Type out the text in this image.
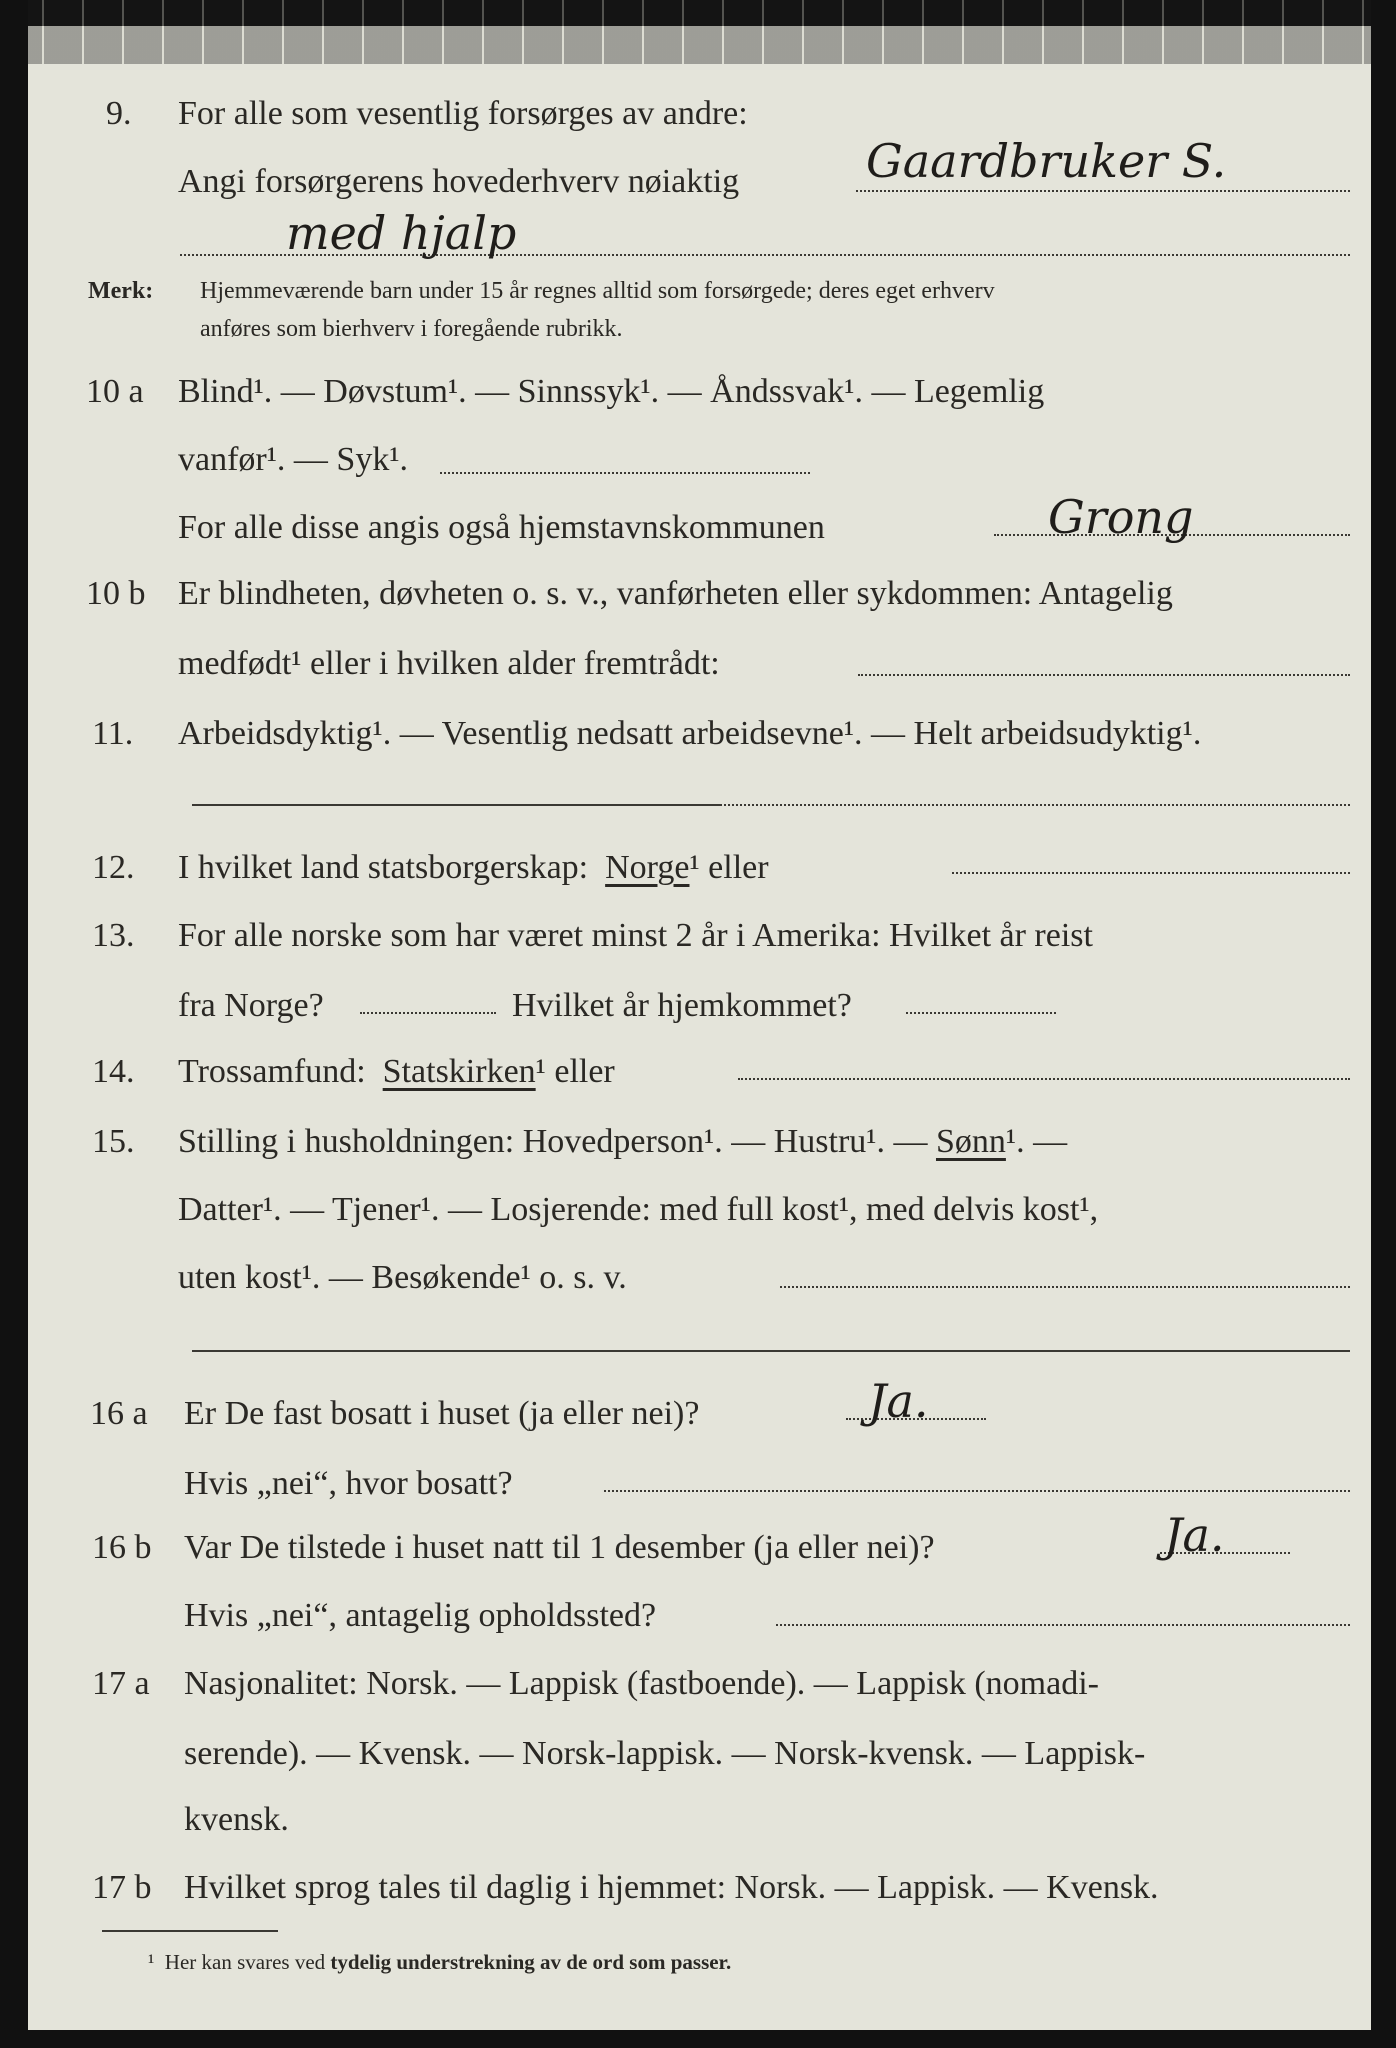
9. For alle som vesentlig forsørges av andre:
Angi forsørgerens hovederhverv nøiaktig	Gaardbruker S.
med hjalp
Merk: Hjemmeværende barn under 15 år regnes alltid som forsørgede; deres eget erhverv
anføres som bierhverv i foregående rubrikk.
10 a Blind¹. — Døvstum¹. — Sinnssyk¹. — Åndssvak¹. — Legemlig
vanfør¹. — Syk¹.
For alle disse angis også hjemstavnskommunen	Grong
10 b Er blindheten, døvheten o. s. v., vanførheten eller sykdommen: Antagelig
medfødt¹ eller i hvilken alder fremtrådt:
11. Arbeidsdyktig¹. — Vesentlig nedsatt arbeidsevne¹. — Helt arbeidsudyktig¹.
12. I hvilket land statsborgerskap: Norge¹ eller
13. For alle norske som har været minst 2 år i Amerika: Hvilket år reist
fra Norge?	Hvilket år hjemkommet?
14. Trossamfund: Statskirken¹ eller
15. Stilling i husholdningen: Hovedperson¹. — Hustru¹. — Sønn¹. —
Datter¹. — Tjener¹. — Losjerende: med full kost¹, med delvis kost¹,
uten kost¹. — Besøkende¹ o. s. v.
16 a Er De fast bosatt i huset (ja eller nei)?	Ja.
Hvis „nei“, hvor bosatt?
16 b Var De tilstede i huset natt til 1 desember (ja eller nei)?	Ja.
Hvis „nei“, antagelig opholdssted?
17 a Nasjonalitet: Norsk. — Lappisk (fastboende). — Lappisk (nomadi-
serende). — Kvensk. — Norsk-lappisk. — Norsk-kvensk. — Lappisk-
kvensk.
17 b Hvilket sprog tales til daglig i hjemmet: Norsk. — Lappisk. — Kvensk.
¹ Her kan svares ved tydelig understrekning av de ord som passer.
